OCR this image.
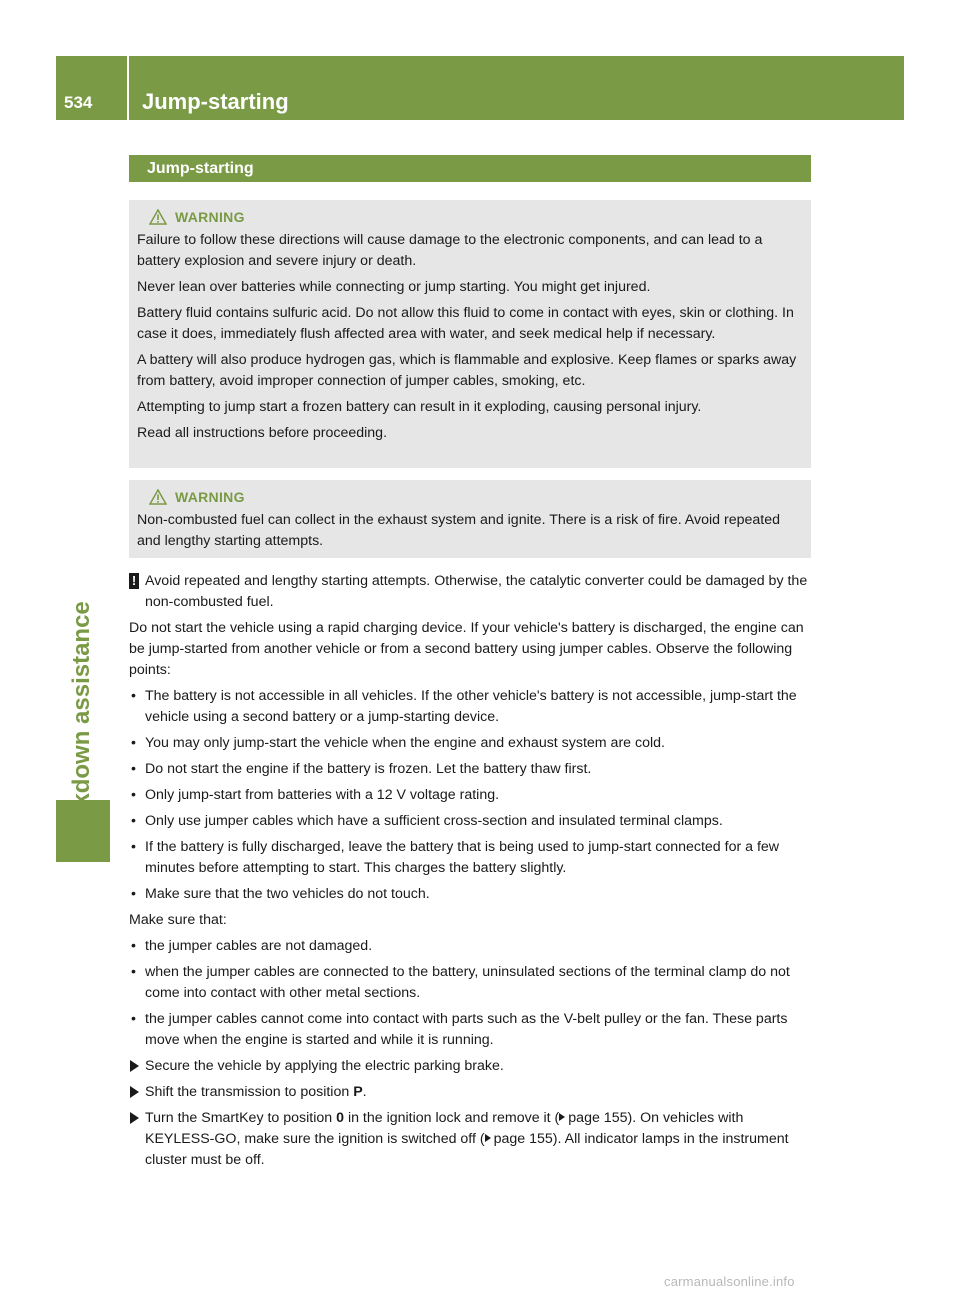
534	Jump-starting
Breakdown assistance
Jump-starting
WARNING

Failure to follow these directions will cause damage to the electronic components, and can lead to a battery explosion and severe injury or death.

Never lean over batteries while connecting or jump starting. You might get injured.

Battery fluid contains sulfuric acid. Do not allow this fluid to come in contact with eyes, skin or clothing. In case it does, immediately flush affected area with water, and seek medical help if necessary.

A battery will also produce hydrogen gas, which is flammable and explosive. Keep flames or sparks away from battery, avoid improper connection of jumper cables, smoking, etc.

Attempting to jump start a frozen battery can result in it exploding, causing personal injury.

Read all instructions before proceeding.

WARNING

Non-combusted fuel can collect in the exhaust system and ignite. There is a risk of fire. Avoid repeated and lengthy starting attempts.

! Avoid repeated and lengthy starting attempts. Otherwise, the catalytic converter could be damaged by the non-combusted fuel.

Do not start the vehicle using a rapid charging device. If your vehicle's battery is discharged, the engine can be jump-started from another vehicle or from a second battery using jumper cables. Observe the following points:

• The battery is not accessible in all vehicles. If the other vehicle's battery is not accessible, jump-start the vehicle using a second battery or a jump-starting device.
• You may only jump-start the vehicle when the engine and exhaust system are cold.
• Do not start the engine if the battery is frozen. Let the battery thaw first.
• Only jump-start from batteries with a 12 V voltage rating.
• Only use jumper cables which have a sufficient cross-section and insulated terminal clamps.
• If the battery is fully discharged, leave the battery that is being used to jump-start connected for a few minutes before attempting to start. This charges the battery slightly.
• Make sure that the two vehicles do not touch.

Make sure that:

• the jumper cables are not damaged.
• when the jumper cables are connected to the battery, uninsulated sections of the terminal clamp do not come into contact with other metal sections.
• the jumper cables cannot come into contact with parts such as the V-belt pulley or the fan. These parts move when the engine is started and while it is running.
Secure the vehicle by applying the electric parking brake.
Shift the transmission to position P.
Turn the SmartKey to position 0 in the ignition lock and remove it ( page 155). On vehicles with KEYLESS-GO, make sure the ignition is switched off ( page 155). All indicator lamps in the instrument cluster must be off.
carmanualsonline.info
